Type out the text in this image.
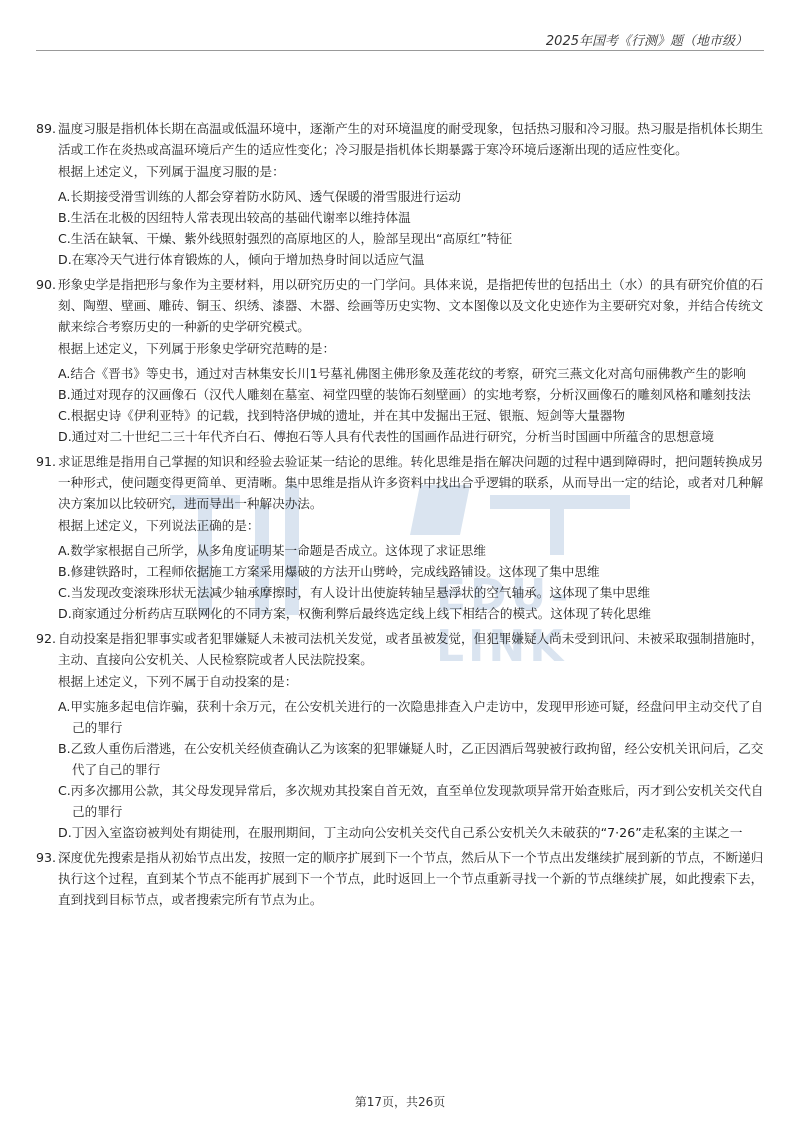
2025年国考《行测》题（地市级）
EDU-LINK

89. 温度习服是指机体长期在高温或低温环境中，逐渐产生的对环境温度的耐受现象，包括热习服和冷习服。热习服是指机体长期生活或工作在炎热或高温环境后产生的适应性变化；冷习服是指机体长期暴露于寒冷环境后逐渐出现的适应性变化。

根据上述定义，下列属于温度习服的是：
A.长期接受滑雪训练的人都会穿着防水防风、透气保暖的滑雪服进行运动
B.生活在北极的因纽特人常表现出较高的基础代谢率以维持体温
C.生活在缺氧、干燥、紫外线照射强烈的高原地区的人，脸部呈现出“高原红”特征
D.在寒冷天气进行体育锻炼的人，倾向于增加热身时间以适应气温

90. 形象史学是指把形与象作为主要材料，用以研究历史的一门学问。具体来说，是指把传世的包括出土（水）的具有研究价值的石刻、陶塑、壁画、雕砖、铜玉、织绣、漆器、木器、绘画等历史实物、文本图像以及文化史迹作为主要研究对象，并结合传统文献来综合考察历史的一种新的史学研究模式。

根据上述定义，下列属于形象史学研究范畴的是：
A.结合《晋书》等史书，通过对吉林集安长川1号墓礼佛图主佛形象及莲花纹的考察，研究三燕文化对高句丽佛教产生的影响
B.通过对现存的汉画像石（汉代人雕刻在墓室、祠堂四壁的装饰石刻壁画）的实地考察，分析汉画像石的雕刻风格和雕刻技法
C.根据史诗《伊利亚特》的记载，找到特洛伊城的遗址，并在其中发掘出王冠、银瓶、短剑等大量器物
D.通过对二十世纪二三十年代齐白石、傅抱石等人具有代表性的国画作品进行研究，分析当时国画中所蕴含的思想意境

91. 求证思维是指用自己掌握的知识和经验去验证某一结论的思维。转化思维是指在解决问题的过程中遇到障碍时，把问题转换成另一种形式，使问题变得更简单、更清晰。集中思维是指从许多资料中找出合乎逻辑的联系，从而导出一定的结论，或者对几种解决方案加以比较研究，进而导出一种解决办法。

根据上述定义，下列说法正确的是：
A.数学家根据自己所学，从多角度证明某一命题是否成立。这体现了求证思维
B.修建铁路时，工程师依据施工方案采用爆破的方法开山劈岭，完成线路铺设。这体现了集中思维
C.当发现改变滚珠形状无法减少轴承摩擦时，有人设计出使旋转轴呈悬浮状的空气轴承。这体现了集中思维
D.商家通过分析药店互联网化的不同方案，权衡利弊后最终选定线上线下相结合的模式。这体现了转化思维

92. 自动投案是指犯罪事实或者犯罪嫌疑人未被司法机关发觉，或者虽被发觉，但犯罪嫌疑人尚未受到讯问、未被采取强制措施时，主动、直接向公安机关、人民检察院或者人民法院投案。

根据上述定义，下列不属于自动投案的是：
A.甲实施多起电信诈骗，获利十余万元，在公安机关进行的一次隐患排查入户走访中，发现甲形迹可疑，经盘问甲主动交代了自己的罪行
B.乙致人重伤后潜逃，在公安机关经侦查确认乙为该案的犯罪嫌疑人时，乙正因酒后驾驶被行政拘留，经公安机关讯问后，乙交代了自己的罪行
C.丙多次挪用公款，其父母发现异常后，多次规劝其投案自首无效，直至单位发现款项异常开始查账后，丙才到公安机关交代自己的罪行
D.丁因入室盗窃被判处有期徒刑，在服刑期间，丁主动向公安机关交代自己系公安机关久未破获的“7·26”走私案的主谋之一

93. 深度优先搜索是指从初始节点出发，按照一定的顺序扩展到下一个节点，然后从下一个节点出发继续扩展到新的节点，不断递归执行这个过程，直到某个节点不能再扩展到下一个节点，此时返回上一个节点重新寻找一个新的节点继续扩展，如此搜索下去，直到找到目标节点，或者搜索完所有节点为止。

第17页，共26页
